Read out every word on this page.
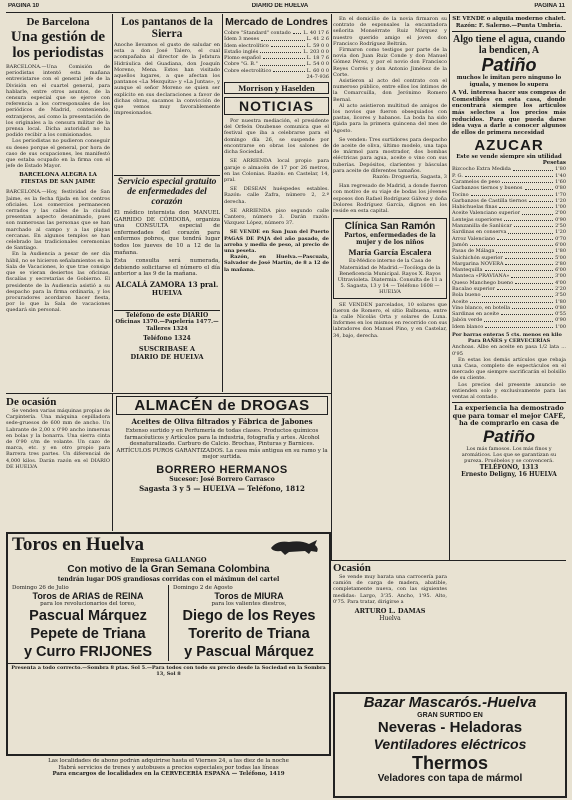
PAGINA 10	DIARIO DE HUELVA	PAGINA 11
De Barcelona
Una gestión de los periodistas

BARCELONA.—Una Comisión de periodistas intentó esta mañana entrevistarse con el general jefe de la División en el cuartel general, para hablarle, entre otros asuntos, de la censura especial que se ejerce con referencia a los corresponsales de los periódicos de Madrid, conteniendo, extranjeros, así como la presentación de los originales a la censura militar de la prensa local. Dicha autoridad no ha podido recibir a los comisionados.

Los periodistas no pudieron conseguir su deseo porque el general, por hora de caso de sus ocupaciones, les manifestó que estaba ocupado en la firma con el jefe de Estado Mayor.

BARCELONA ALEGRA LA FIESTAS DE SAN JAIME

BARCELONA.—Hoy, festividad de San Jaime, es la fecha fijada en los centros oficiales. Los comercios permanecen cerrados y las calles de la ciudad presentan aspecto desanimado, pues son numerosas las personas que se han marchado al campo y a las playas cercanas. En algunos templos se han celebrado las tradicionales ceremonias de Santiago.

En la Audiencia a pesar de ser día hábil, no se hicieron señalamientos en la Sala de Vacaciones, lo que trae consigo que se vieran desiertos las oficinas, fiscalías y secretarías de Gobierno. El presidente de la Audiencia asistió a su despacho para la firma ordinaria, y los procuradores acordaron hacer fiesta, por lo que la Sala de vacaciones quedará sin personal.

Los pantanos de la Sierra

Anoche llevamos el gusto de saludar en esta a don José Talero, el cual acompañaba al director de la Jefatura Hidráulica del Guadiana, don Joaquín Moreno, Mena. Estos han visitado aquellos lugares, a que afectan los pantanos «La Mezquita» y «La Juntas», y aunque el señor Moreno se quien ser explícito en sus declaraciones a favor de dichas obras, sacamos la convicción de que vemos muy favorablemente impresionados.

Servicio especial gratuito de enfermedades del corazón

El médico internista don MANUEL GARRIDO DE CÓRDOBA, organiza una CONSULTA especial de enfermedades del corazón para enfermos pobres, que tendrá lugar todos los jueves de 10 a 12 de la mañana.

Esta consulta será numerada, debiendo solicitarse el número el día anterior a las 9 de la mañana.

ALCALÁ ZAMORA 13 pral.
HUELVA
Teléfono de este DIARIO
Oficinas 1370.—Papelería 1477.—Talleres 1324
Teléfono 1324
SUSCRIBASE A
DIARIO DE HUELVA
Mercado de Londres
Cobre "Standard" contado	L. 40 17 6
Ídem 3 meses	L. 41 2 6
Ídem electrolítico	L. 59 0 0
Estaño inglés	L. 203 0 0
Plomo español	L. 18 7 6
Cobre "G. B."	L. 54 0 0
Cobre electrolítico	L. 60 0 0
24-7-936
Morrison y Haselden
NOTICIAS

Por nuestra mediación, el presidente del Orfeón Onubense comunica que el festival que iba a celebrarse para el domingo día 26, se suspende por encontrarse en obras los salones de dicha Sociedad.

SE ARRIENDA local propio para garaje o almacén de 17 por 26 metros, en las Colonias. Razón: en Castelar, 14, pral.

SE DESEAN huéspedes estables. Razón: calle Zafra, número 2, 2.º derecha.

SE ARRIENDA piso segundo calle Cantero, número 3. Darán razón: Vázquez López, número 37.

SE VENDE en San Juan del Puerto PAGAS DE PAJA del año pasado, de arroba y media de peso, al precio de una peseta.

Razón, en Huelva.—Pascuala, Salvador de José Martín, de 8 a 12 de la mañana.

En el domicilio de la novia firmaron su contrato de esponsales la encantadora señorita Monsérrate Ruiz Márquez y nuestro querido amigo el joven don Francisco Rodríguez Beltrán.

Firmaron como testigos por parte de la novia don Juan Ruiz Conde y don Manuel Gómez Pérez, y por el novio don Francisco Reyes Corrés y don Antonio Jiménez de la Corte.

Asistieron al acto del contrato con el numeroso público, entre ellos los íntimos de la Comarcuilla, don Jerónimo Romero Bernal.

Al acto asistieron multitud de amigos de los novios que fueron obsequiados con pastas, licores y habanos. La boda ha sido fijada para la primera quincena del mes de Agosto.

Se venden: Tres surtidores para despacho de aceite de oliva, último modelo, una tapa de mármol para mostrador, dos bombas eléctricas para agua, aceite o vino con sus tuberías. Depósitos, clarientes y básculas para aceite de diferentes tamaños.

Razón: Droguería, Sagasta, 3

Han regresado de Madrid, a donde fueron con motivo de su viaje de bodas los jóvenes esposos don Rafael Rodríguez Gálvez y doña Dolores Rodríguez García, dignos en los reside en esta capital.

Clínica San Ramón
Partos, enfermedades de la mujer y de los niños
María García Escalera

Ex-Médico interno de la Casa de Maternidad de Madrid.—Tocóloga de la Beneficencia Municipal. Rayos X. Rayos Ultravioleta. Diatermia. Consulta de 11 a 5. Sagasta, 13 y 14 — Teléfono 1608 — HUELVA

SE VENDEN parcelados, 10 solares que fueron de Romero, el sitio Balbuena, entre la calle Nicolás Orta y solares de Luna. Informes en los mismos en recorrido con sus labradores don Manuel Pino, y en Castelar, 34, bajo, derecha.

SE VENDE o alquila moderno chalet. Razón: F. Salerno.—Punta Umbría.

Algo tiene el agua, cuando la bendicen, A
Patiño
muchos le imitan pero ninguno lo iguala, y menos lo supera

A Vd. interesa hacer sus compras de Comestibles en esta casa, donde encontrará siempre los artículos más selectos a los precios más reducidos. Para que pueda darse idea vaya a darle a conocer algunos de ellos de primera necesidad

AZUCAR
Este se vende siempre sin utilidad
Pesetas
Bizcocho Extra Medida	1'80
P. G.	1'40
Caramelos de peso	1'60
Garbanzos tiernos y buenos	0'80
Tocino	1'70
Garbanzos de Castilla tiernos	1'20
Habichuelas finas	1'00
Aceite Valenciano superior	2'00
Lentejas superiores	0'90
Manzanilla de Sanlúcar	2'50
Sardinas en conserva	1'20
Arroz Valenciano	0'70
Jamón	6'00
Pasas de Málaga	1'80
Salchichón superior	5'00
Margarina NOVERA	2'80
Mantequilla	6'00
Manteca «PRAVIANA»	3'00
Queso Manchego bueno	4'00
Bacalao superior	2'20
Bola bueno	3'50
Aceite	1'80
Vino blanco, en botella	0'80
Sardinas en aceite	0'55
Jabón verde	0'90
Idem blanco	1'00

Por barras enteras 5 cts. menos en kilo

Para BAÑES y CERVECERÍAS

Anchoas. Albo en aceite en pasa 1/2 lata ... 0'95

En estas los demás artículos que rebaja una Casa, completo de espectáculos en el mercado que siempre sacrificarán el bolsillo de su cliente.

Los precios del presente anuncio se entienden solo y exclusivamente para las ventas al contado.

La experiencia ha demostrado que para tomar el mejor CAFÉ, ha de comprarlo en casa de
Patiño

Los más famosos. Los más finos y aromáticos. Los que se garantizan su pureza. Pruébelos y se convencerá.

TELÉFONO, 1313
Ernesto Deligny, 16 HUELVA
De ocasión

Se venden varias máquinas propias de Carpintería. Una máquina cepilladora sede-gruesos de 600 mm de ancho. Un Labrante de 2,00 x 0'90 ancho inmersas en bolas y la bonarra. Una sierra cinta de 0'90 c/m de volante. Un cazo de marca, etc. y en otro propio para Barrera tres partes. Un diferencial de 4,000 kilos. Darán razón en el DIARIO DE HUELVA

ALMACÉN de DROGAS
Aceites de Oliva filtrados y Fábrica de Jabones

Extenso surtido y en Perfumería de todas clases. Productos químicos farmacéuticos y Artículos para la industria, fotografía y artes. Alcohol desnaturalizado. Carburo de Calcio. Brochas, Pinturas y Barnices. ARTÍCULOS PUROS GARANTIZADOS. La casa más antigua en su ramo y la mejor surtida.

BORRERO HERMANOS
Sucesor: José Borrero Carrasco
Sagasta 3 y 5 — HUELVA — Teléfono, 1812
Toros en Huelva
Empresa GALLANGO
Con motivo de la Gran Semana Colombina
tendrán lugar DOS grandiosas corridas con el máximun del cartel
Domingo 26 de Julio
Toros de ARIAS de REINA
para los revolucionarios del toreo,
Pascual Márquez
Pepete de Triana
y Curro FRIJONES
Domingo 2 de Agosto
Toros de MIURA
para los valientes diestros,
Diego de los Reyes
Torerito de Triana
y Pascual Márquez
Presenta a todo correcto.—Sombra 8 ptas. Sol 5.—Para todos con todo su precio desde la Sociedad en la Sombra 13, Sol 8
Las localidades de abono podrán adquirirse hasta el Viernes 24, a las diez de la noche
Habrá servicios de trenes y autobuses a precios especiales por todas las líneas
Para encargos de localidades en la CERVECERÍA ESPAÑA — Teléfono, 1419
Ocasión

Se vende muy barata una carrocería para camión de carga de madera, abatible, completamente nueva, con las siguientes medidas: Largo, 3'35. Ancho, 1'95. Alto, 0'75. Para tratar, dirigirse a

ARTURO L. DAMAS
Huelva
Bazar Mascarós.-Huelva
GRAN SURTIDO EN
Neveras - Heladoras
Ventiladores eléctricos
Thermos
Veladores con tapa de mármol
